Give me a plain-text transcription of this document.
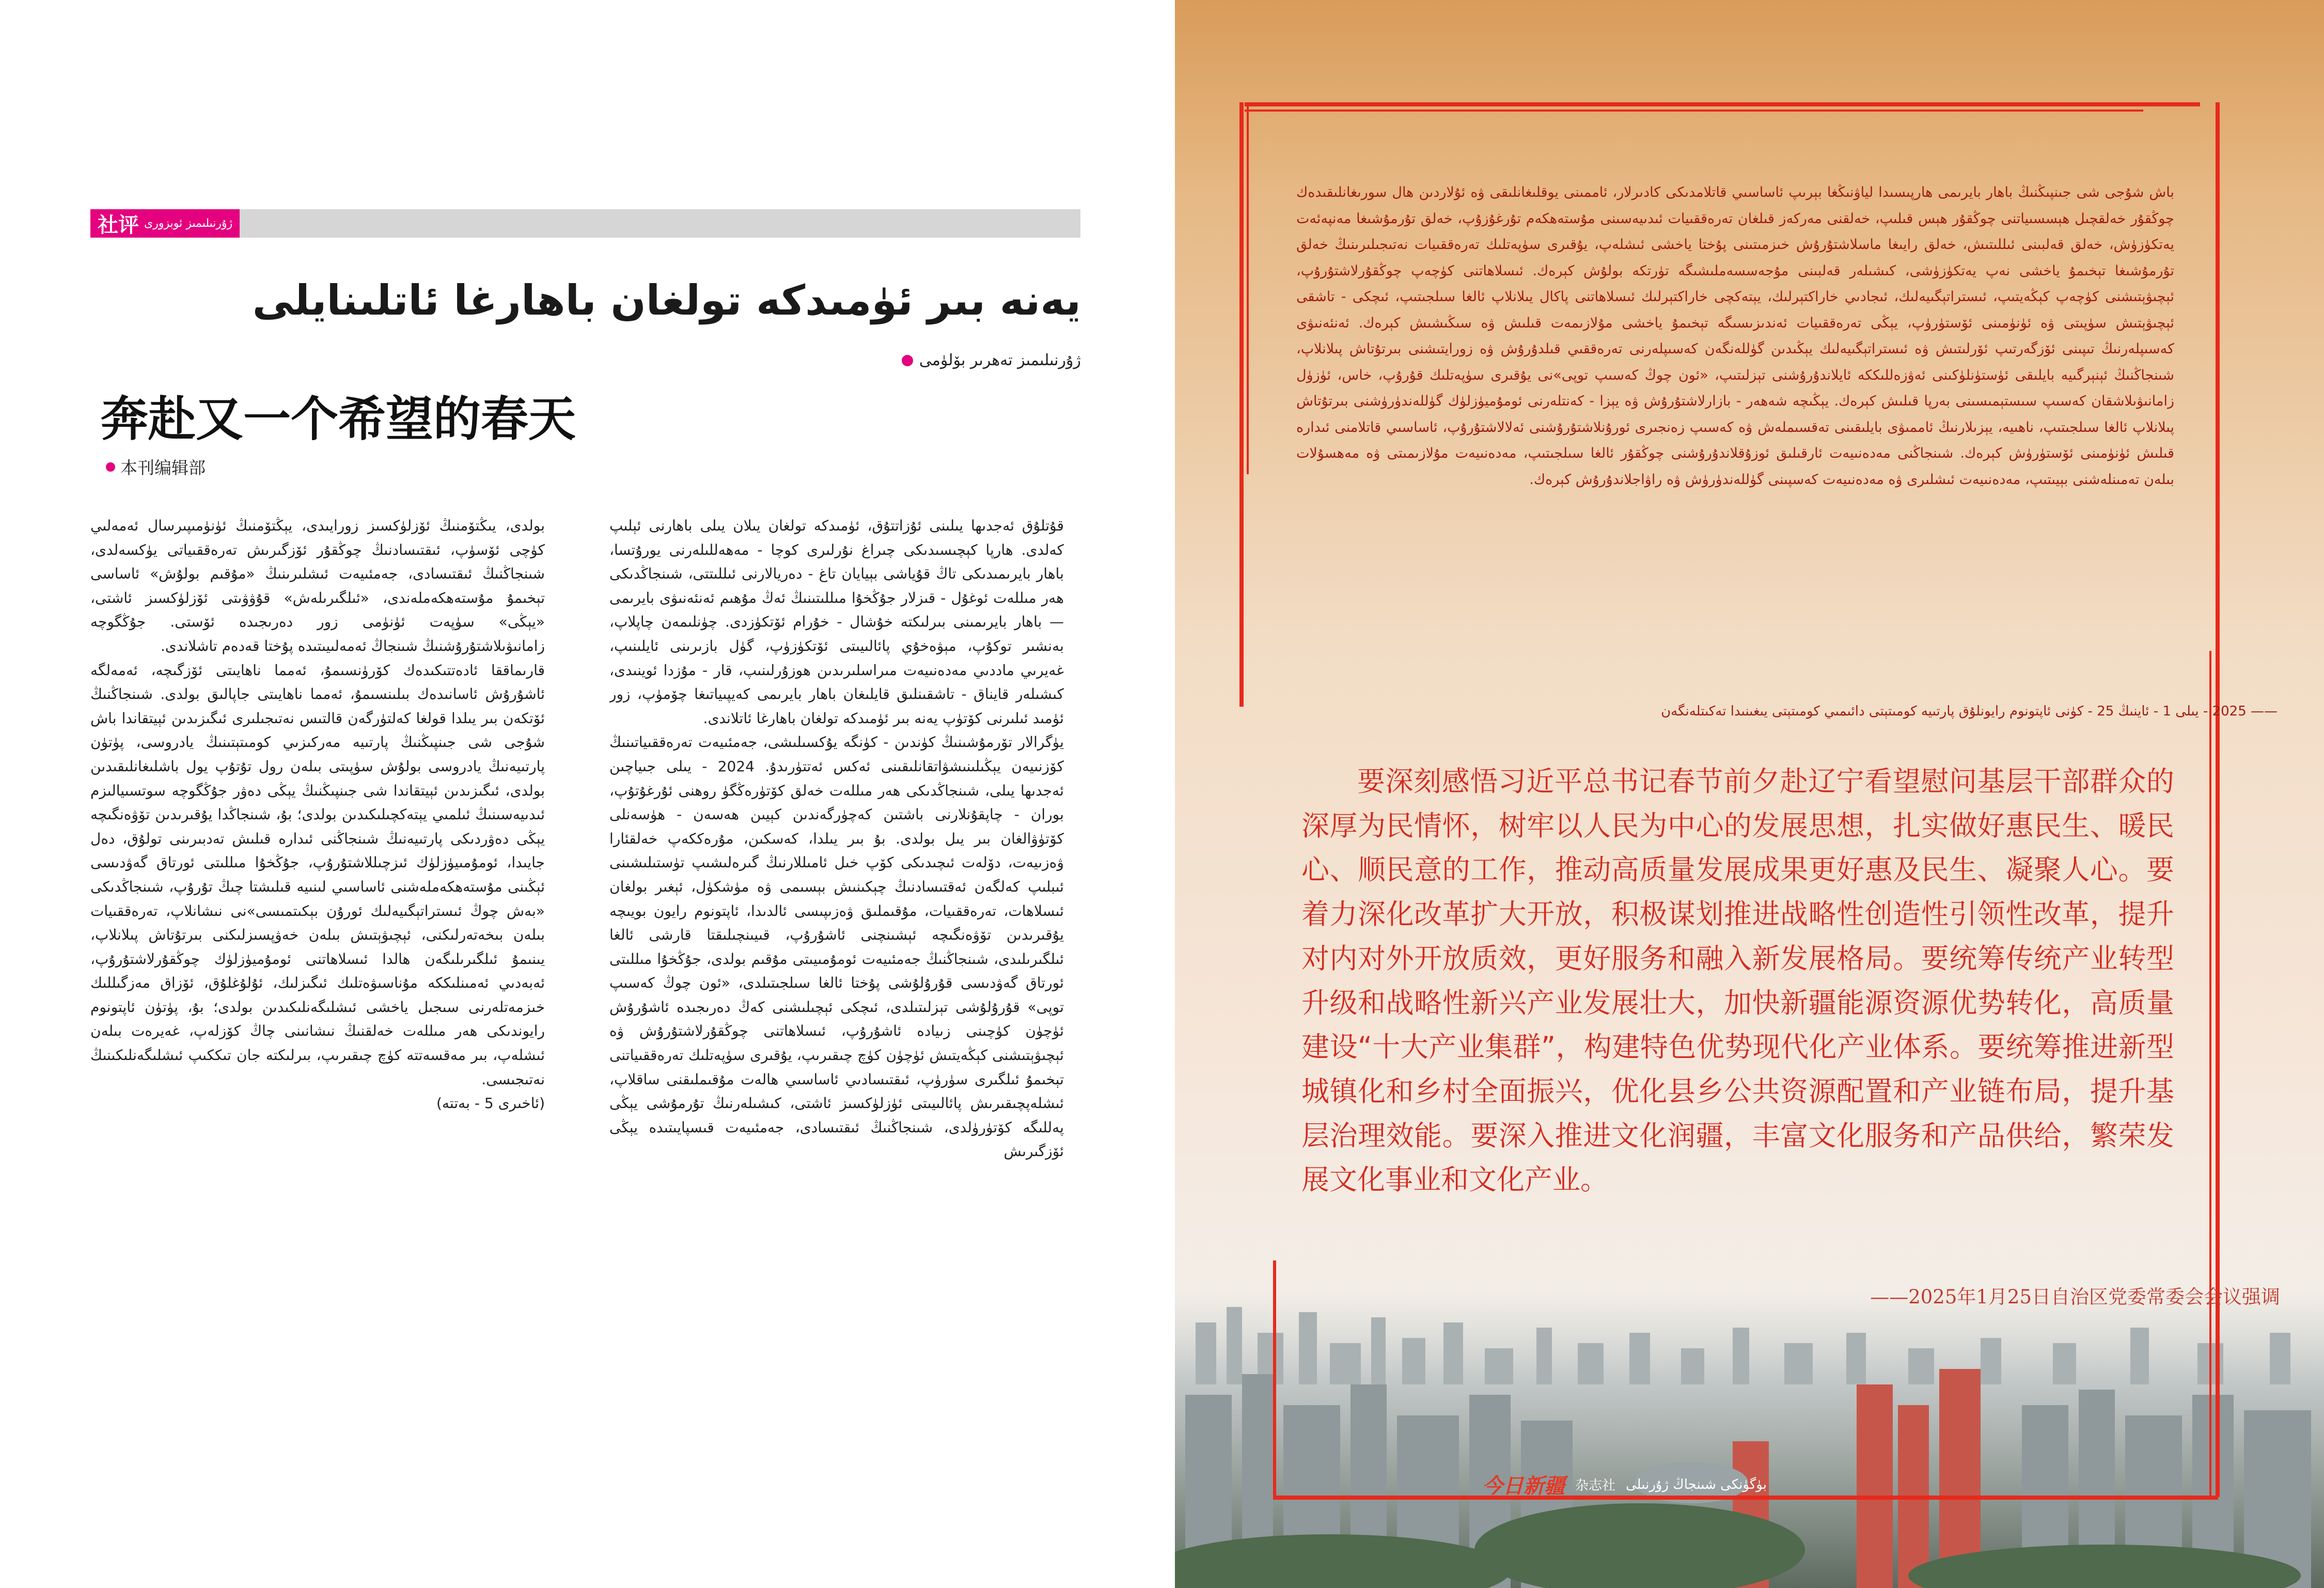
社评 ژۇرنىلىمىز ئوبزورى
يەنە بىر ئۈمىدكە تولغان باھارغا ئاتلىنايلى
ژۇرنىلىمىز تەھرىر بۆلۈمى
奔赴又一个希望的春天
本刊编辑部

قۇتلۇق ئەجدىھا يىلىنى ئۇزاتتۇق، ئۈمىدكە تولغان يىلان يىلى باھارنى ئېلىپ كەلدى. ھارپا كېچىسىدىكى چىراغ نۇرلىرى كوچا - مەھەللىلەرنى يورۇتسا، باھار بايرىمىدىكى تاڭ قۇياشى بېيايان تاغ - دەريالارنى ئىللىتتى، شىنجاڭدىكى ھەر مىللەت ئوغۇل - قىزلار جۇڭخۇا مىللىتىنىڭ ئەڭ مۇھىم ئەنئەنىۋى بايرىمى — باھار بايرىمىنى بىرلىكتە خۇشال - خۇرام ئۆتكۈزدى. چۈنلىمەن چاپلاپ، بەنشىر توكۇپ، مېۋەخۇي پائالىيىتى ئۆتكۈزۈپ، گۈل بازىرىنى ئايلىنىپ، غەيرىي ماددىي مەدەنىيەت مىراسلىرىدىن ھوزۇرلىنىپ، قار - مۇزدا ئوينىدى، كىشىلەر قايناق - تاشقىنلىق قايلىغان باھار بايرىمى كەيپىياتىغا چۆمۈپ، زور ئۈمىد ئىلىرنى كۆتۈپ يەنە بىر ئۈمىدكە تولغان باھارغا ئاتلاندى.

يۈگرالار تۆرمۇشىنىڭ كۈندىن - كۈنگە يۇكسىلىشى، جەمئىيەت تەرەققىياتىنىڭ كۆزنىيەن يېڭىلىنىشۋاتقانلىقىنى ئەكس ئەتتۈرىدۇ. 2024 - يىلى جىياچىن ئەجدىھا يىلى، شىنجاڭدىكى ھەر مىللەت خەلق كۆتۈرەڭگۈ روھنى ئۇرغۇتۇپ، بوران - چاپقۇنلارنى باشتىن كەچۈرگەندىن كېيىن ھەسەن - ھۈسەنلى كۆتۈۋالغان بىر يىل بولدى. بۇ بىر يىلدا، كەسكىن، مۇرەككەپ خەلقئارا ۋەزىيەت، دۆلەت ئىچىدىكى كۆپ خىل ئامىللارنىڭ گىرەلىشىپ تۈستىلىشىنى ئىبلىپ كەلگەن ئەقتىسادنىڭ چېكىنىش بېسىمى ۋە مۈشكۈل، ئېغىر بولغان ئىسلاھات، تەرەققىيات، مۇقىملىق ۋەزىپىسى ئالدىدا، ئاپتونوم رايون بويىچە يۇقىرىدىن تۆۋەنگىچە ئېشىنچنى ئاشۇرۇپ، قىيىنچىلىقتا قارشى ئالغا ئىلگىرىلىدى، شىنجاڭنىڭ جەمئىيەت ئومۇمىيىتى مۇقىم بولدى، جۇڭخۇا مىللىتى ئورتاق گەۋدىسى قۇرۇلۇشى پۇختا ئالغا سىلجىتىلدى، «ئون چوڭ كەسىپ توپى» قۇرۇلۇشى تېزلىتىلدى، ئىچكى ئېچىلىشنى كەڭ دەرىجىدە ئاشۇرۇش ئۈچۈن كۈچىنى زىيادە ئاشۇرۇپ، ئىسلاھاتنى چوڭقۇرلاشتۇرۇش ۋە ئېچىۋېتىشنى كېڭەيتىش ئۈچۈن كۈچ چىقىرىپ، يۇقىرى سۈپەتلىك تەرەققىياتنى تېخىمۇ ئىلگىرى سۈرۈپ، ئىقتىسادىي ئاساسىي ھالەت مۇقىملىقنى ساقلاپ، ئىشلەپچىقىرىش پائالىيىتى ئۈزلۈكسىز ئاشتى، كىشىلەرنىڭ تۇرمۇشى يېڭى پەللىگە كۆتۈرۈلدى، شىنجاڭنىڭ ئىقتىسادى، جەمئىيەت قىسپايىتىدە يېڭى ئۆزگىرىش

بولدى، يىڭتۆمنىڭ ئۆزلۈكسىز زورايىدى، يېڭتۆمنىڭ ئۈنۈمىپىرسال ئەمەلىي كۈچى ئۆسۈپ، ئىقتىسادنىڭ چوڭقۇر ئۆزگىرىش تەرەققىياتى يۈكسەلدى، شىنجاڭنىڭ ئىقتىسادى، جەمئىيەت ئىشلىرىنىڭ «مۇقىم بولۇش» ئاساسى تېخىمۇ مۇستەھكەملەندى، «ئىلگىرىلەش» قۇۋۋىتى ئۆزلۈكسىز ئاشتى، «يېڭى» سۈپەت ئۈنۈمى زور دەرىجىدە ئۆستى. جۇڭگوچە زامانىۋىلاشتۇرۇشنىڭ شىنجاڭ ئەمەلىيىتىدە پۇختا قەدەم تاشلاندى.

قارىماققا ئادەتتىكىدەك كۆرۈنسىمۇ، ئەمما ناھايىتى ئۆزگىچە، ئەمەلگە ئاشۇرۇش ئاسانىدەك بىلىنسىمۇ، ئەمما ناھايىتى جاپالىق بولدى. شىنجاڭنىڭ ئۆتكەن بىر يىلدا قولغا كەلتۈرگەن قالتىس نەتىجىلىرى ئىگىزىدىن ئېيتقاندا باش شۇجى شى جىنپىڭنىڭ پارتىيە مەركىزىي كومىتېتىنىڭ يادروسى، پۈتۈن پارتىيەنىڭ يادروسى بولۇش سۈپىتى بىلەن رول تۇتۇپ يول باشلىغانلىقىدىن بولدى، ئىگىزىدىن ئېيتقاندا شى جىنپىڭنىڭ يېڭى دەۋر جۇڭگوچە سوتسىيالىزم ئىدىيەسىنىڭ ئىلمىي يېتەكچىلىكىدىن بولدى؛ بۇ، شىنجاڭدا يۇقىرىدىن تۆۋەنگىچە يېڭى دەۋردىكى پارتىيەنىڭ شىنجاڭنى ئىدارە قىلىش تەدبىرىنى تولۇق، دەل جايىدا، ئومۇمىيۈزلۈك ئىزچىللاشتۇرۇپ، جۇڭخۇا مىللىتى ئورتاق گەۋدىسى ئېڭىنى مۇستەھكەملەشنى ئاساسىي لىنىيە قىلىشتا چىڭ تۇرۇپ، شىنجاڭدىكى «بەش چوڭ ئىستراتېگىيەلىك ئورۇن بېكىتمىسى»نى نىشانلاپ، تەرەققىيات بىلەن بىخەتەرلىكنى، ئېچىۋېتىش بىلەن خەۋپسىزلىكنى بىرتۇتاش پىلانلاپ، يىنىمۇ ئىلگىرىلىگەن ھالدا ئىسلاھاتنى ئومۇميۈزلۈك چوڭقۇرلاشتۇرۇپ، ئەبەدىي ئەمىنلىككە مۇناسىۋەتلىك ئىگىزلىك، ئۇلۇغلۇق، ئۆزاق مەزگىللىك خىزمەتلەرنى سىجىل ياخشى ئىشلىگەنلىكىدىن بولدى؛ بۇ، پۈتۈن ئاپتونوم رايوندىكى ھەر مىللەت خەلقنىڭ نىشانىنى چاڭ كۆزلەپ، غەيرەت بىلەن ئىشلەپ، بىر مەقسەتتە كۈچ چىقىرىپ، بىرلىكتە جان تىككىپ ئىشلىگەنلىكىنىڭ نەتىجىسى.

(ئاخىرى 5 - بەتتە)

باش شۇجى شى جىنپىڭنىڭ باھار بايرىمى ھارپىسىدا لياۋنىڭغا بېرىپ ئاساسىي قاتلامدىكى كادىرلار، ئاممىنى يوقلىغانلىقى ۋە ئۇلاردىن ھال سورىغانلىقىدەك چوڭقۇر خەلقچىل ھېسسىياتنى چوڭقۇر ھېس قىلىپ، خەلقنى مەركەز قىلغان تەرەققىيات ئىدىيەسىنى مۇستەھكەم تۇرغۇزۇپ، خەلق تۇرمۇشىغا مەنپەئەت يەتكۈزۈش، خەلق قەلبىنى ئىللىتىش، خەلق رايىغا ماسلاشتۇرۇش خىزمىتىنى پۇختا ياخشى ئىشلەپ، يۇقىرى سۈپەتلىك تەرەققىيات نەتىجىلىرىنىڭ خەلق تۇرمۇشىغا تېخىمۇ ياخشى نەپ يەتكۈزۈشى، كىشىلەر قەلبىنى مۇجەسسەملىشىگە تۈرتكە بولۇش كېرەك. ئىسلاھاتنى كۈچەپ چوڭقۇرلاشتۇرۇپ، ئېچىۋېتىشنى كۈچەپ كېڭەيتىپ، ئىستراتېگىيەلىك، ئىجادىي خاراكتېرلىك، يېتەكچى خاراكتېرلىك ئىسلاھاتنى پاكال يىلانلاپ ئالغا سىلجىتىپ، ئىچكى - تاشقى ئېچىۋېتىش سۈپىتى ۋە ئۈنۈمىنى ئۆستۈرۈپ، يېڭى تەرەققىيات ئەندىزىسىگە تېخىمۇ ياخشى مۇلازىمەت قىلىش ۋە سىڭىشىش كېرەك. ئەنئەنىۋى كەسىپلەرنىڭ تىپىنى ئۆزگەرتىپ ئۆرلىتىش ۋە ئىستراتېگىيەلىك يېڭىدىن گۈللەنگەن كەسىپلەرنى تەرەققىي قىلدۇرۇش ۋە زورايتىشنى بىرتۇتاش پىلانلاپ، شىنجاڭنىڭ ئېنېرگىيە بايلىقى ئۈستۈنلۈكىنى ئەۋزەللىككە ئايلاندۇرۇشنى تېزلىتىپ، «ئون چوڭ كەسىپ توپى»نى يۇقىرى سۈپەتلىك قۇرۇپ، خاس، ئۈزۈل زامانىۋىلاشقان كەسىپ سىستېمىسىنى بەرپا قىلىش كېرەك. يېڭىچە شەھەر - بازارلاشتۇرۇش ۋە يېزا - كەنتلەرنى ئومۇميۈزلۈك گۈللەندۈرۈشنى بىرتۇتاش پىلانلاپ ئالغا سىلجىتىپ، ناھىيە، يېزىلارنىڭ ئاممىۋى بايلىقىنى تەقسىملەش ۋە كەسىپ زەنجىرى ئورۇنلاشتۇرۇشنى ئەلالاشتۇرۇپ، ئاساسىي قاتلامنى ئىدارە قىلىش ئۈنۈمىنى ئۆستۈرۈش كېرەك. شىنجاڭنى مەدەنىيەت ئارقىلىق ئوزۇقلاندۇرۇشنى چوڭقۇر ئالغا سىلجىتىپ، مەدەنىيەت مۇلازىمىتى ۋە مەھسۇلات بىلەن تەمىنلەشنى بېيىتىپ، مەدەنىيەت ئىشلىرى ۋە مەدەنىيەت كەسپىنى گۈللەندۈرۈش ۋە راۋاجلاندۇرۇش كېرەك.
—— 2025 - يىلى 1 - ئاينىڭ 25 - كۈنى ئاپتونوم رايونلۇق پارتىيە كومىتېتى دائىمىي كومىتېتى يىغىنىدا تەكىتلەنگەن

要深刻感悟习近平总书记春节前夕赴辽宁看望慰问基层干部群众的深厚为民情怀，树牢以人民为中心的发展思想，扎实做好惠民生、暖民心、顺民意的工作，推动高质量发展成果更好惠及民生、凝聚人心。要着力深化改革扩大开放，积极谋划推进战略性创造性引领性改革，提升对内对外开放质效，更好服务和融入新发展格局。要统筹传统产业转型升级和战略性新兴产业发展壮大，加快新疆能源资源优势转化，高质量建设“十大产业集群”，构建特色优势现代化产业体系。要统筹推进新型城镇化和乡村全面振兴，优化县乡公共资源配置和产业链布局，提升基层治理效能。要深入推进文化润疆，丰富文化服务和产品供给，繁荣发展文化事业和文化产业。

——2025年1月25日自治区党委常委会会议强调
今日新疆 杂志社 بۈگۈنكى شىنجاڭ ژۇرنىلى
